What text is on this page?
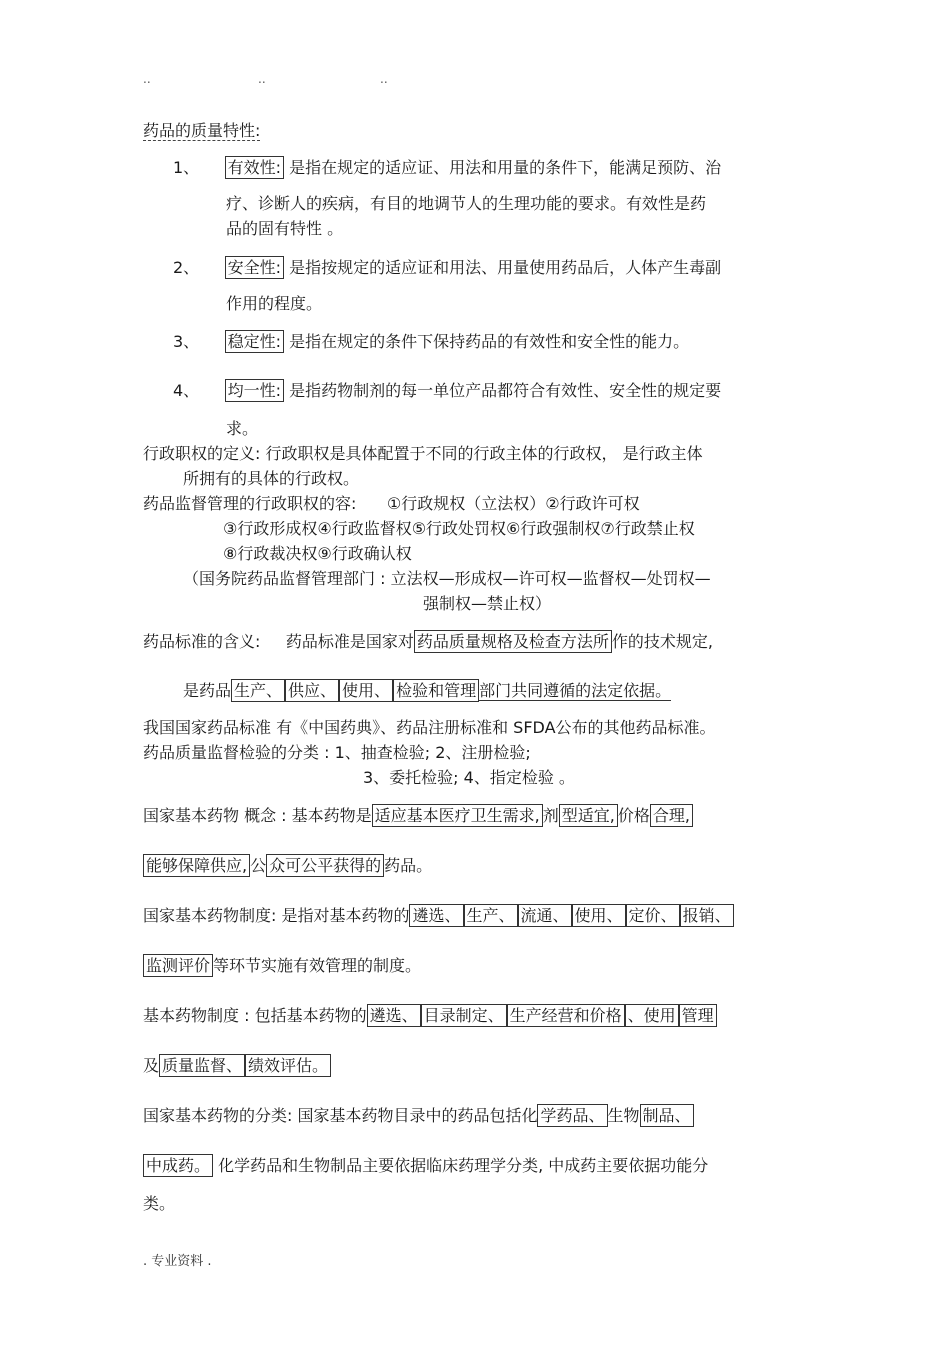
..	..	..
药品的质量特性:
1、 有效性: 是指在规定的适应证、用法和用量的条件下，能满足预防、治
疗、诊断人的疾病，有目的地调节人的生理功能的要求。有效性是药
品的固有特性 。
2、 安全性: 是指按规定的适应证和用法、用量使用药品后，人体产生毒副
作用的程度。
3、 稳定性: 是指在规定的条件下保持药品的有效性和安全性的能力。
4、 均一性: 是指药物制剂的每一单位产品都符合有效性、安全性的规定要
求。
行政职权的定义: 行政职权是具体配置于不同的行政主体的行政权， 是行政主体
所拥有的具体的行政权。
药品监督管理的行政职权的容: ①行政规权（立法权）②行政许可权
③行政形成权④行政监督权⑤行政处罚权⑥行政强制权⑦行政禁止权
⑧行政裁决权⑨行政确认权
（国务院药品监督管理部门 : 立法权—形成权—许可权—监督权—处罚权—
强制权—禁止权）
药品标准的含义: 药品标准是国家对 药品质量规格及检查方法所 作的技术规定,
是药品 生产、 供应、 使用、 检验和管理 部门共同遵循的法定依据。
我国国家药品标准 有《中国药典》、药品注册标准和 SFDA公布的其他药品标准。
药品质量监督检验的分类 : 1、抽查检验; 2、注册检验;
3、委托检验; 4、指定检验 。
国家基本药物 概念 : 基本药物是 适应基本医疗卫生需求, 剂 型适宜, 价格 合理,
能够保障供应, 公 众可公平获得的 药品。
国家基本药物制度: 是指对基本药物的 遴选、 生产、 流通、 使用、 定价、 报销、
监测评价 等环节实施有效管理的制度。
基本药物制度 : 包括基本药物的 遴选、 目录制定、 生产经营和价格 、使用 管理
及 质量监督、 绩效评估。
国家基本药物的分类: 国家基本药物目录中的药品包括化 学药品、 生物 制品、
中成药。 化学药品和生物制品主要依据临床药理学分类, 中成药主要依据功能分
类。
. 专业资料 .
